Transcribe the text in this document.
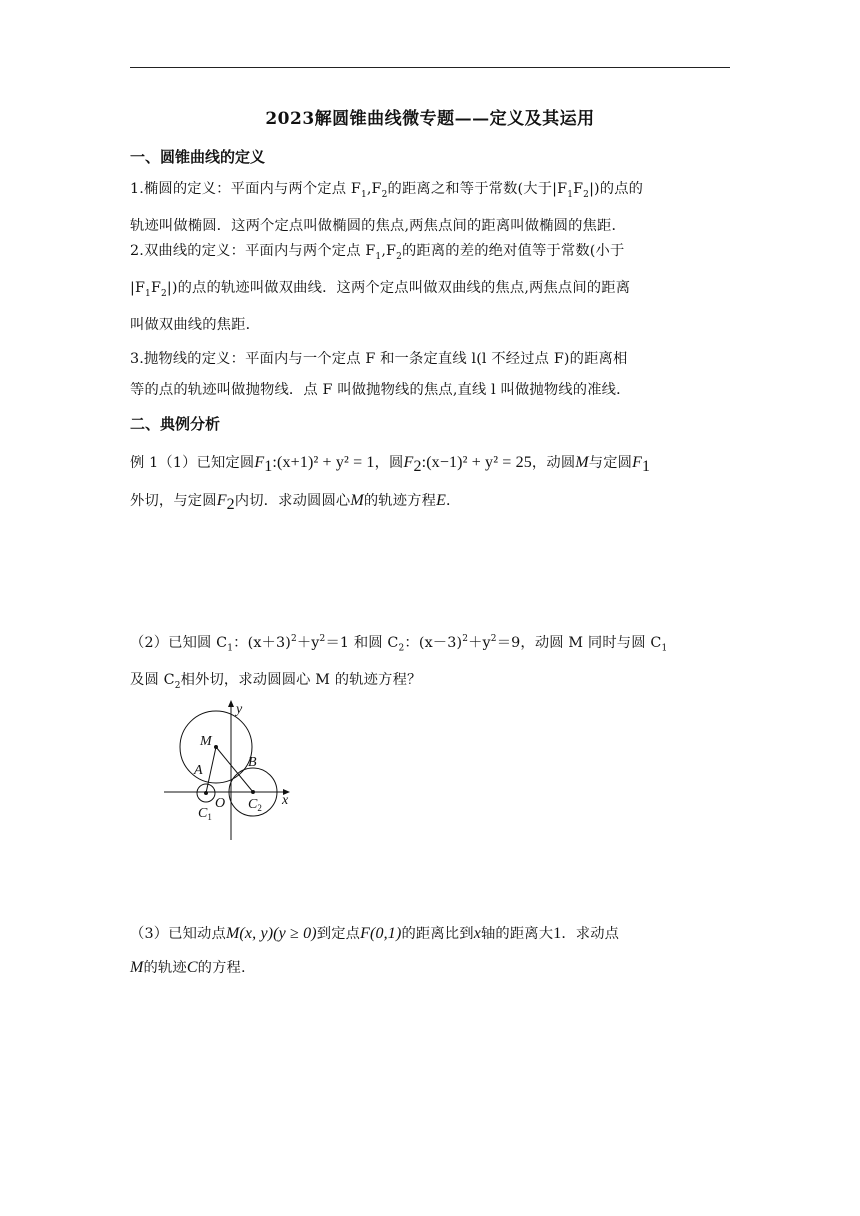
2023解圆锥曲线微专题——定义及其运用
一、圆锥曲线的定义
1.椭圆的定义：平面内与两个定点 $F_1,F_2$的距离之和等于常数(大于$|F_1F_2|$)的点的
轨迹叫做椭圆．这两个定点叫做椭圆的焦点,两焦点间的距离叫做椭圆的焦距．
2.双曲线的定义：平面内与两个定点 $F_1,F_2$的距离的差的绝对值等于常数(小于
$|F_1F_2|$)的点的轨迹叫做双曲线．这两个定点叫做双曲线的焦点,两焦点间的距离
叫做双曲线的焦距．
3.抛物线的定义：平面内与一个定点 F 和一条定直线 l(l 不经过点 F)的距离相
等的点的轨迹叫做抛物线．点 F 叫做抛物线的焦点,直线 l 叫做抛物线的准线．
二、典例分析
例 1（1）已知定圆$F_1:(x+1)^2 + y^2 = 1$，圆$F_2:(x-1)^2 + y^2 = 25$，动圆M与定圆$F_1$
外切，与定圆$F_2$内切．求动圆圆心M的轨迹方程E．
（2）已知圆 $C_1$：$(x+3)^2+y^2=1$ 和圆 $C_2$：$(x-3)^2+y^2=9$，动圆 M 同时与圆 $C_1$
及圆 $C_2$相外切，求动圆圆心 M 的轨迹方程？
y
x
M
A
B
O
$C_1$
$C_2$
（3）已知动点M(x, y)(y ≥ 0)到定点F(0,1)的距离比到x轴的距离大1．求动点
M的轨迹C的方程.
